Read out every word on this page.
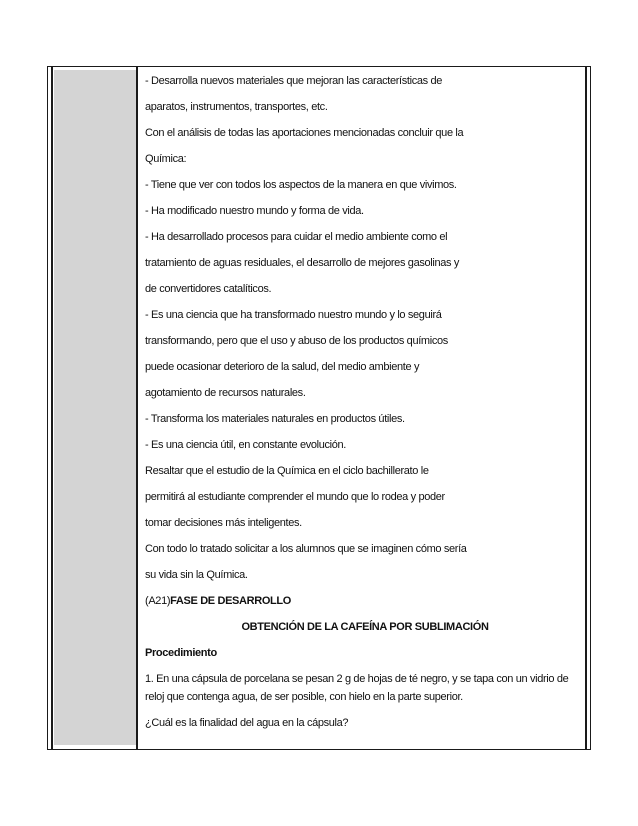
- Desarrolla nuevos materiales que mejoran las características de
aparatos, instrumentos, transportes, etc.
Con el análisis de todas las aportaciones mencionadas concluir que la
Química:
- Tiene que ver con todos los aspectos de la manera en que vivimos.
- Ha modificado nuestro mundo y forma de vida.
- Ha desarrollado procesos para cuidar el medio ambiente como el
tratamiento de aguas residuales, el desarrollo de mejores gasolinas y
de convertidores catalíticos.
- Es una ciencia que ha transformado nuestro mundo y lo seguirá
transformando, pero que el uso y abuso de los productos químicos
puede ocasionar deterioro de la salud, del medio ambiente y
agotamiento de recursos naturales.
- Transforma los materiales naturales en productos útiles.
- Es una ciencia útil, en constante evolución.
Resaltar que el estudio de la Química en el ciclo bachillerato le
permitirá al estudiante comprender el mundo que lo rodea y poder
tomar decisiones más inteligentes.
Con todo lo tratado solicitar a los alumnos que se imaginen cómo sería
su vida sin la Química.
(A21)FASE DE DESARROLLO
OBTENCIÓN DE LA CAFEÍNA POR SUBLIMACIÓN
Procedimiento
1. En una cápsula de porcelana se pesan 2 g de hojas de té negro, y se tapa con un vidrio de
reloj que contenga agua, de ser posible, con hielo en la parte superior.
¿Cuál es la finalidad del agua en la cápsula?
